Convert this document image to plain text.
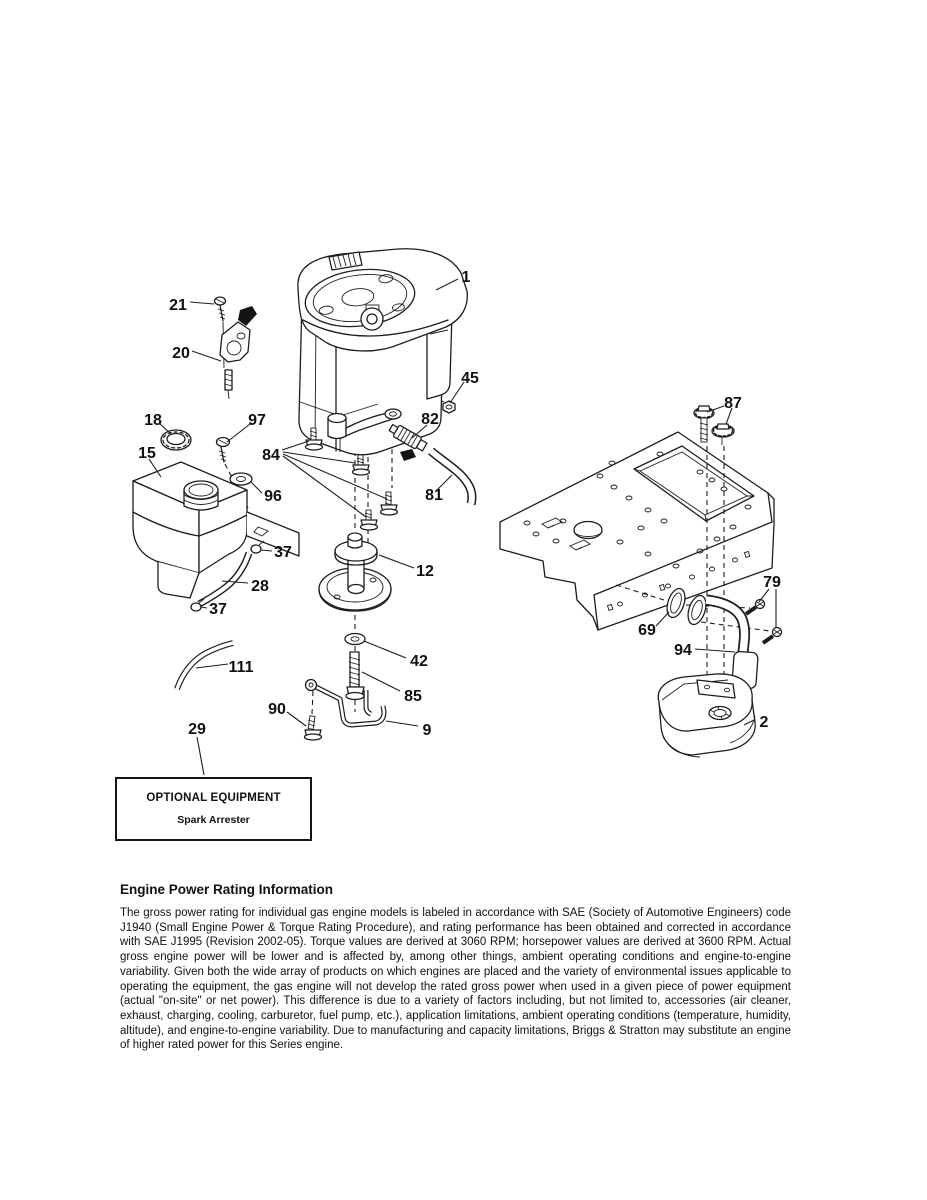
1
21
20
45
87
18	97	82
15	84
96	81
37
12
28	79
37
69
94
111	42
85
90
29	9	2
OPTIONAL EQUIPMENT
Spark Arrester
Engine Power Rating Information

The gross power rating for individual gas engine models is labeled in accordance with SAE (Society of Automotive Engineers) code J1940 (Small Engine Power & Torque Rating Procedure), and rating performance has been obtained and corrected in accordance with SAE J1995 (Revision 2002-05). Torque values are derived at 3060 RPM; horsepower values are derived at 3600 RPM. Actual gross engine power will be lower and is affected by, among other things, ambient operating conditions and engine-to-engine variability. Given both the wide array of products on which engines are placed and the variety of environmental issues applicable to operating the equipment, the gas engine will not develop the rated gross power when used in a given piece of power equipment (actual "on-site" or net power). This difference is due to a variety of factors including, but not limited to, accessories (air cleaner, exhaust, charging, cooling, carburetor, fuel pump, etc.), application limitations, ambient operating conditions (temperature, humidity, altitude), and engine-to-engine variability. Due to manufacturing and capacity limitations, Briggs & Stratton may substitute an engine of higher rated power for this Series engine.
